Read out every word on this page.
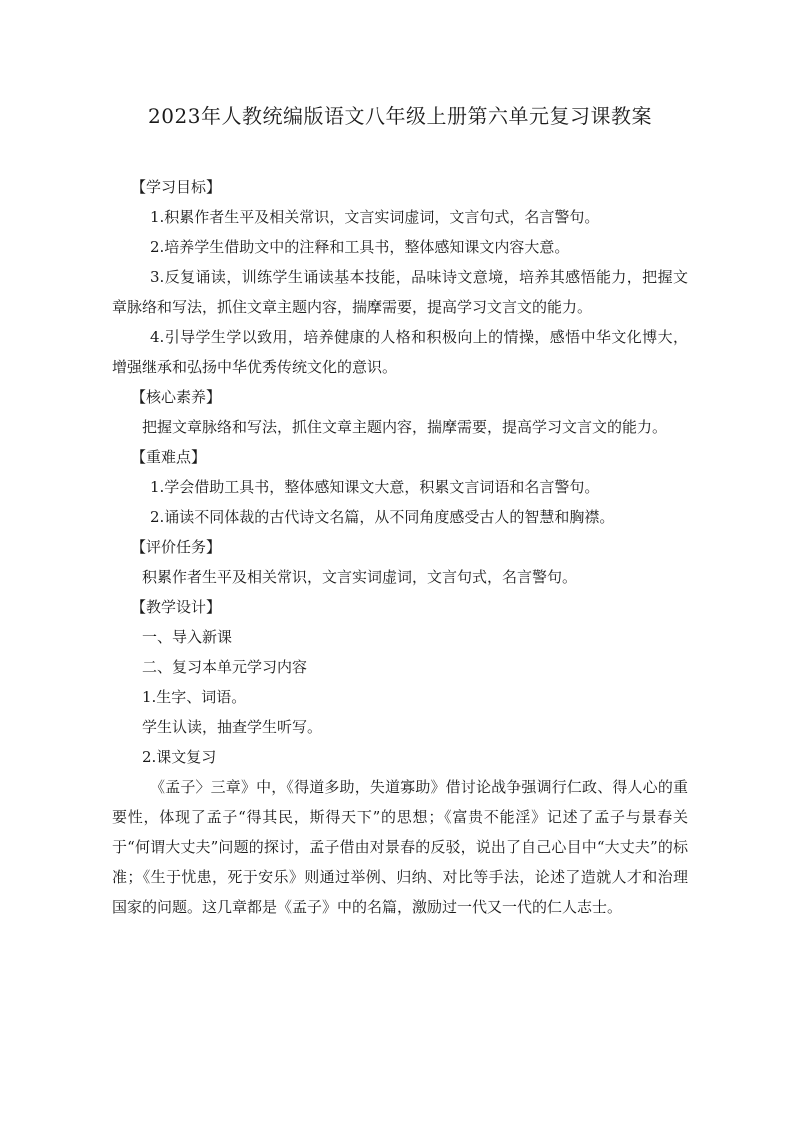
2023年人教统编版语文八年级上册第六单元复习课教案

【学习目标】

1.积累作者生平及相关常识，文言实词虚词，文言句式，名言警句。

2.培养学生借助文中的注释和工具书，整体感知课文内容大意。

3.反复诵读，训练学生诵读基本技能，品味诗文意境，培养其感悟能力，把握文章脉络和写法，抓住文章主题内容，揣摩需要，提高学习文言文的能力。

4.引导学生学以致用，培养健康的人格和积极向上的情操，感悟中华文化博大，增强继承和弘扬中华优秀传统文化的意识。

【核心素养】

把握文章脉络和写法，抓住文章主题内容，揣摩需要，提高学习文言文的能力。

【重难点】

1.学会借助工具书，整体感知课文大意，积累文言词语和名言警句。

2.诵读不同体裁的古代诗文名篇，从不同角度感受古人的智慧和胸襟。

【评价任务】

积累作者生平及相关常识，文言实词虚词，文言句式，名言警句。

【教学设计】

一、导入新课

二、复习本单元学习内容

1.生字、词语。

学生认读，抽查学生听写。

2.课文复习

《孟子〉三章》中，《得道多助，失道寡助》借讨论战争强调行仁政、得人心的重要性，体现了孟子“得其民，斯得天下”的思想；《富贵不能淫》记述了孟子与景春关于“何谓大丈夫”问题的探讨，孟子借由对景春的反驳，说出了自己心目中“大丈夫”的标准；《生于忧患，死于安乐》则通过举例、归纳、对比等手法，论述了造就人才和治理国家的问题。这几章都是《孟子》中的名篇，激励过一代又一代的仁人志士。
